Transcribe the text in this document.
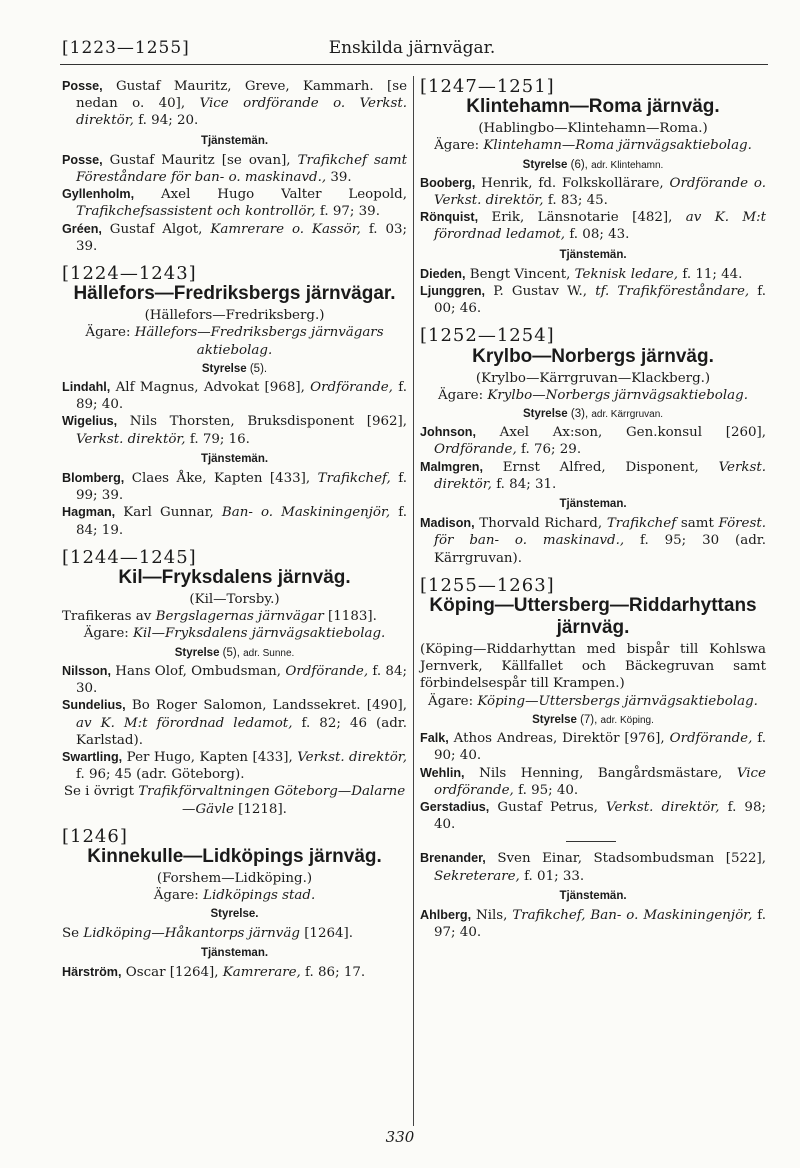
[1223—1255]	Enskilda järnvägar.

Posse, Gustaf Mauritz, Greve, Kammarh. [se nedan o. 40], Vice ordförande o. Verkst. direktör, f. 94; 20.

Tjänstemän.

Posse, Gustaf Mauritz [se ovan], Trafikchef samt Föreståndare för ban- o. maskinavd., 39.

Gyllenholm, Axel Hugo Valter Leopold, Trafikchefsassistent och kontrollör, f. 97; 39.

Gréen, Gustaf Algot, Kamrerare o. Kassör, f. 03; 39.

[1224—1243]
Hällefors—Fredriksbergs järnvägar.

(Hällefors—Fredriksberg.)

Ägare: Hällefors—Fredriksbergs järnvägars aktiebolag.

Styrelse (5).

Lindahl, Alf Magnus, Advokat [968], Ordförande, f. 89; 40.

Wigelius, Nils Thorsten, Bruksdisponent [962], Verkst. direktör, f. 79; 16.

Tjänstemän.

Blomberg, Claes Åke, Kapten [433], Trafikchef, f. 99; 39.

Hagman, Karl Gunnar, Ban- o. Maskiningenjör, f. 84; 19.

[1244—1245]
Kil—Fryksdalens järnväg.

(Kil—Torsby.)

Trafikeras av Bergslagernas järnvägar [1183].

Ägare: Kil—Fryksdalens järnvägsaktiebolag.

Styrelse (5), adr. Sunne.

Nilsson, Hans Olof, Ombudsman, Ordförande, f. 84; 30.

Sundelius, Bo Roger Salomon, Landssekret. [490], av K. M:t förordnad ledamot, f. 82; 46 (adr. Karlstad).

Swartling, Per Hugo, Kapten [433], Verkst. direktör, f. 96; 45 (adr. Göteborg).

Se i övrigt Trafikförvaltningen Göteborg—Dalarne—Gävle [1218].

[1246]
Kinnekulle—Lidköpings järnväg.

(Forshem—Lidköping.)

Ägare: Lidköpings stad.

Styrelse.

Se Lidköping—Håkantorps järnväg [1264].

Tjänsteman.

Härström, Oscar [1264], Kamrerare, f. 86; 17.

[1247—1251]
Klintehamn—Roma järnväg.

(Hablingbo—Klintehamn—Roma.)

Ägare: Klintehamn—Roma järnvägsaktiebolag.

Styrelse (6), adr. Klintehamn.

Booberg, Henrik, fd. Folkskollärare, Ordförande o. Verkst. direktör, f. 83; 45.

Rönquist, Erik, Länsnotarie [482], av K. M:t förordnad ledamot, f. 08; 43.

Tjänstemän.

Dieden, Bengt Vincent, Teknisk ledare, f. 11; 44.

Ljunggren, P. Gustav W., tf. Trafikföreståndare, f. 00; 46.

[1252—1254]
Krylbo—Norbergs järnväg.

(Krylbo—Kärrgruvan—Klackberg.)

Ägare: Krylbo—Norbergs järnvägsaktiebolag.

Styrelse (3), adr. Kärrgruvan.

Johnson, Axel Ax:son, Gen.konsul [260], Ordförande, f. 76; 29.

Malmgren, Ernst Alfred, Disponent, Verkst. direktör, f. 84; 31.

Tjänsteman.

Madison, Thorvald Richard, Trafikchef samt Förest. för ban- o. maskinavd., f. 95; 30 (adr. Kärrgruvan).

[1255—1263]
Köping—Uttersberg—Riddarhyttans järnväg.

(Köping—Riddarhyttan med bispår till Kohlswa Jernverk, Källfallet och Bäckegruvan samt förbindelsespår till Krampen.)

Ägare: Köping—Uttersbergs järnvägsaktiebolag.

Styrelse (7), adr. Köping.

Falk, Athos Andreas, Direktör [976], Ordförande, f. 90; 40.

Wehlin, Nils Henning, Bangårdsmästare, Vice ordförande, f. 95; 40.

Gerstadius, Gustaf Petrus, Verkst. direktör, f. 98; 40.

Brenander, Sven Einar, Stadsombudsman [522], Sekreterare, f. 01; 33.

Tjänstemän.

Ahlberg, Nils, Trafikchef, Ban- o. Maskiningenjör, f. 97; 40.

330
